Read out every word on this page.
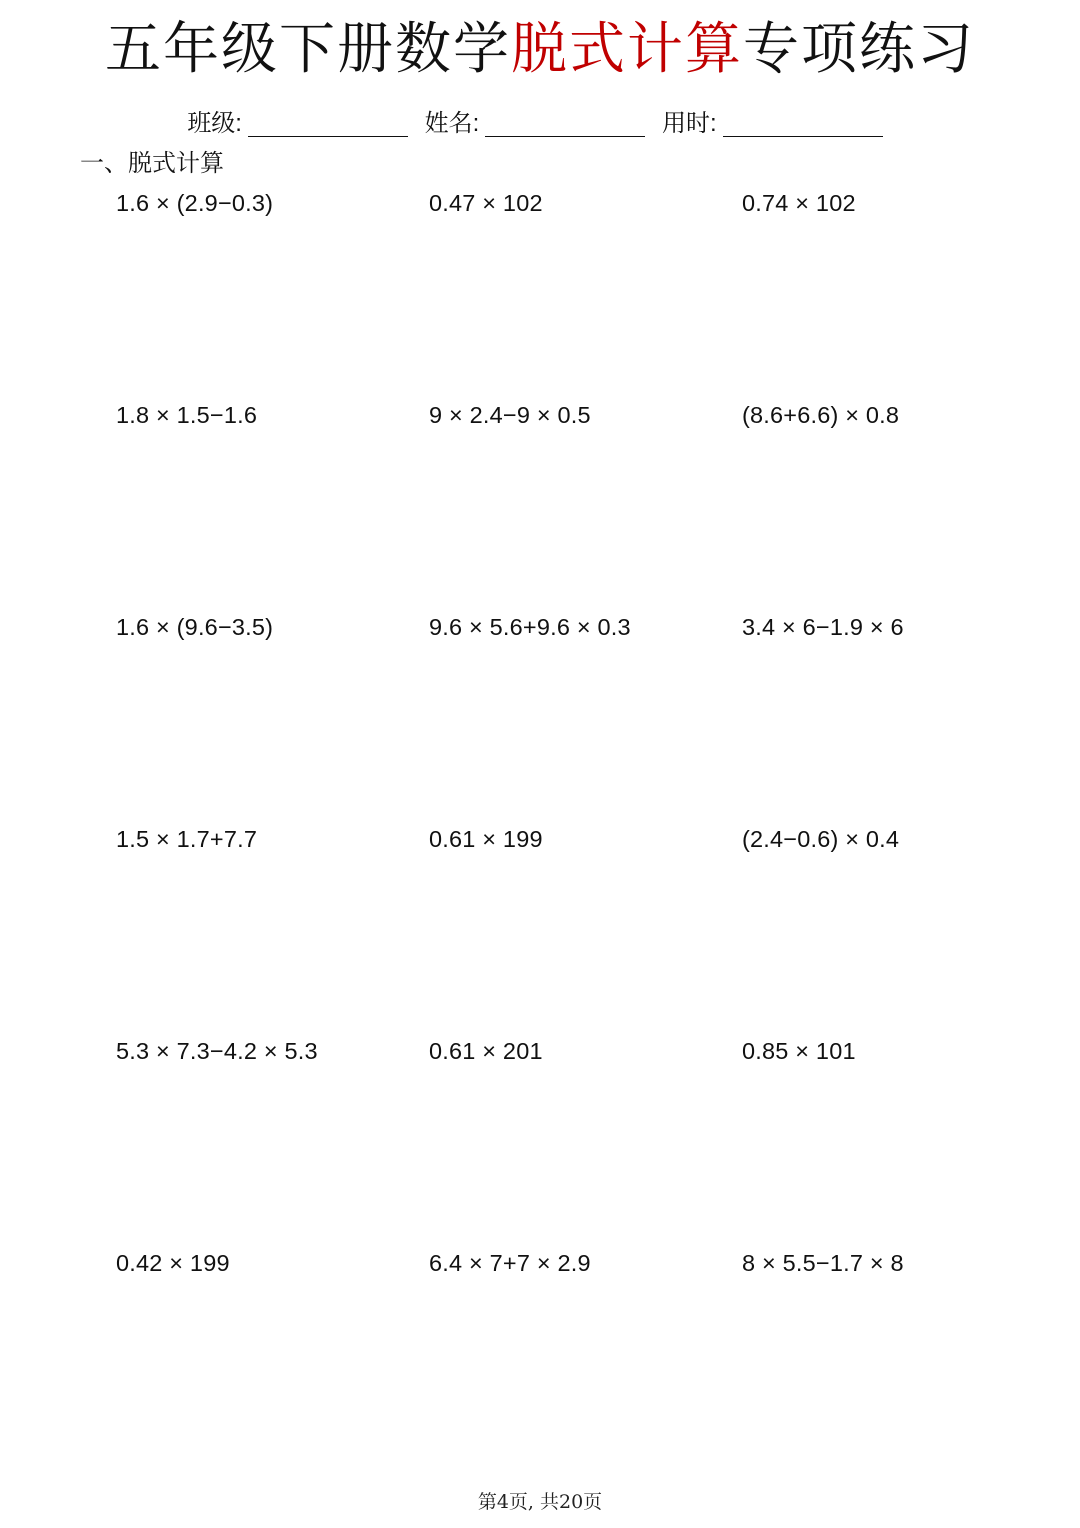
五年级下册数学脱式计算专项练习
班级:	姓名:	用时:
一、脱式计算
1.6 × (2.9−0.3)	0.47 × 102	0.74 × 102
1.8 × 1.5−1.6	9 × 2.4−9 × 0.5	(8.6+6.6) × 0.8
1.6 × (9.6−3.5)	9.6 × 5.6+9.6 × 0.3	3.4 × 6−1.9 × 6
1.5 × 1.7+7.7	0.61 × 199	(2.4−0.6) × 0.4
5.3 × 7.3−4.2 × 5.3	0.61 × 201	0.85 × 101
0.42 × 199	6.4 × 7+7 × 2.9	8 × 5.5−1.7 × 8
第4页, 共20页
